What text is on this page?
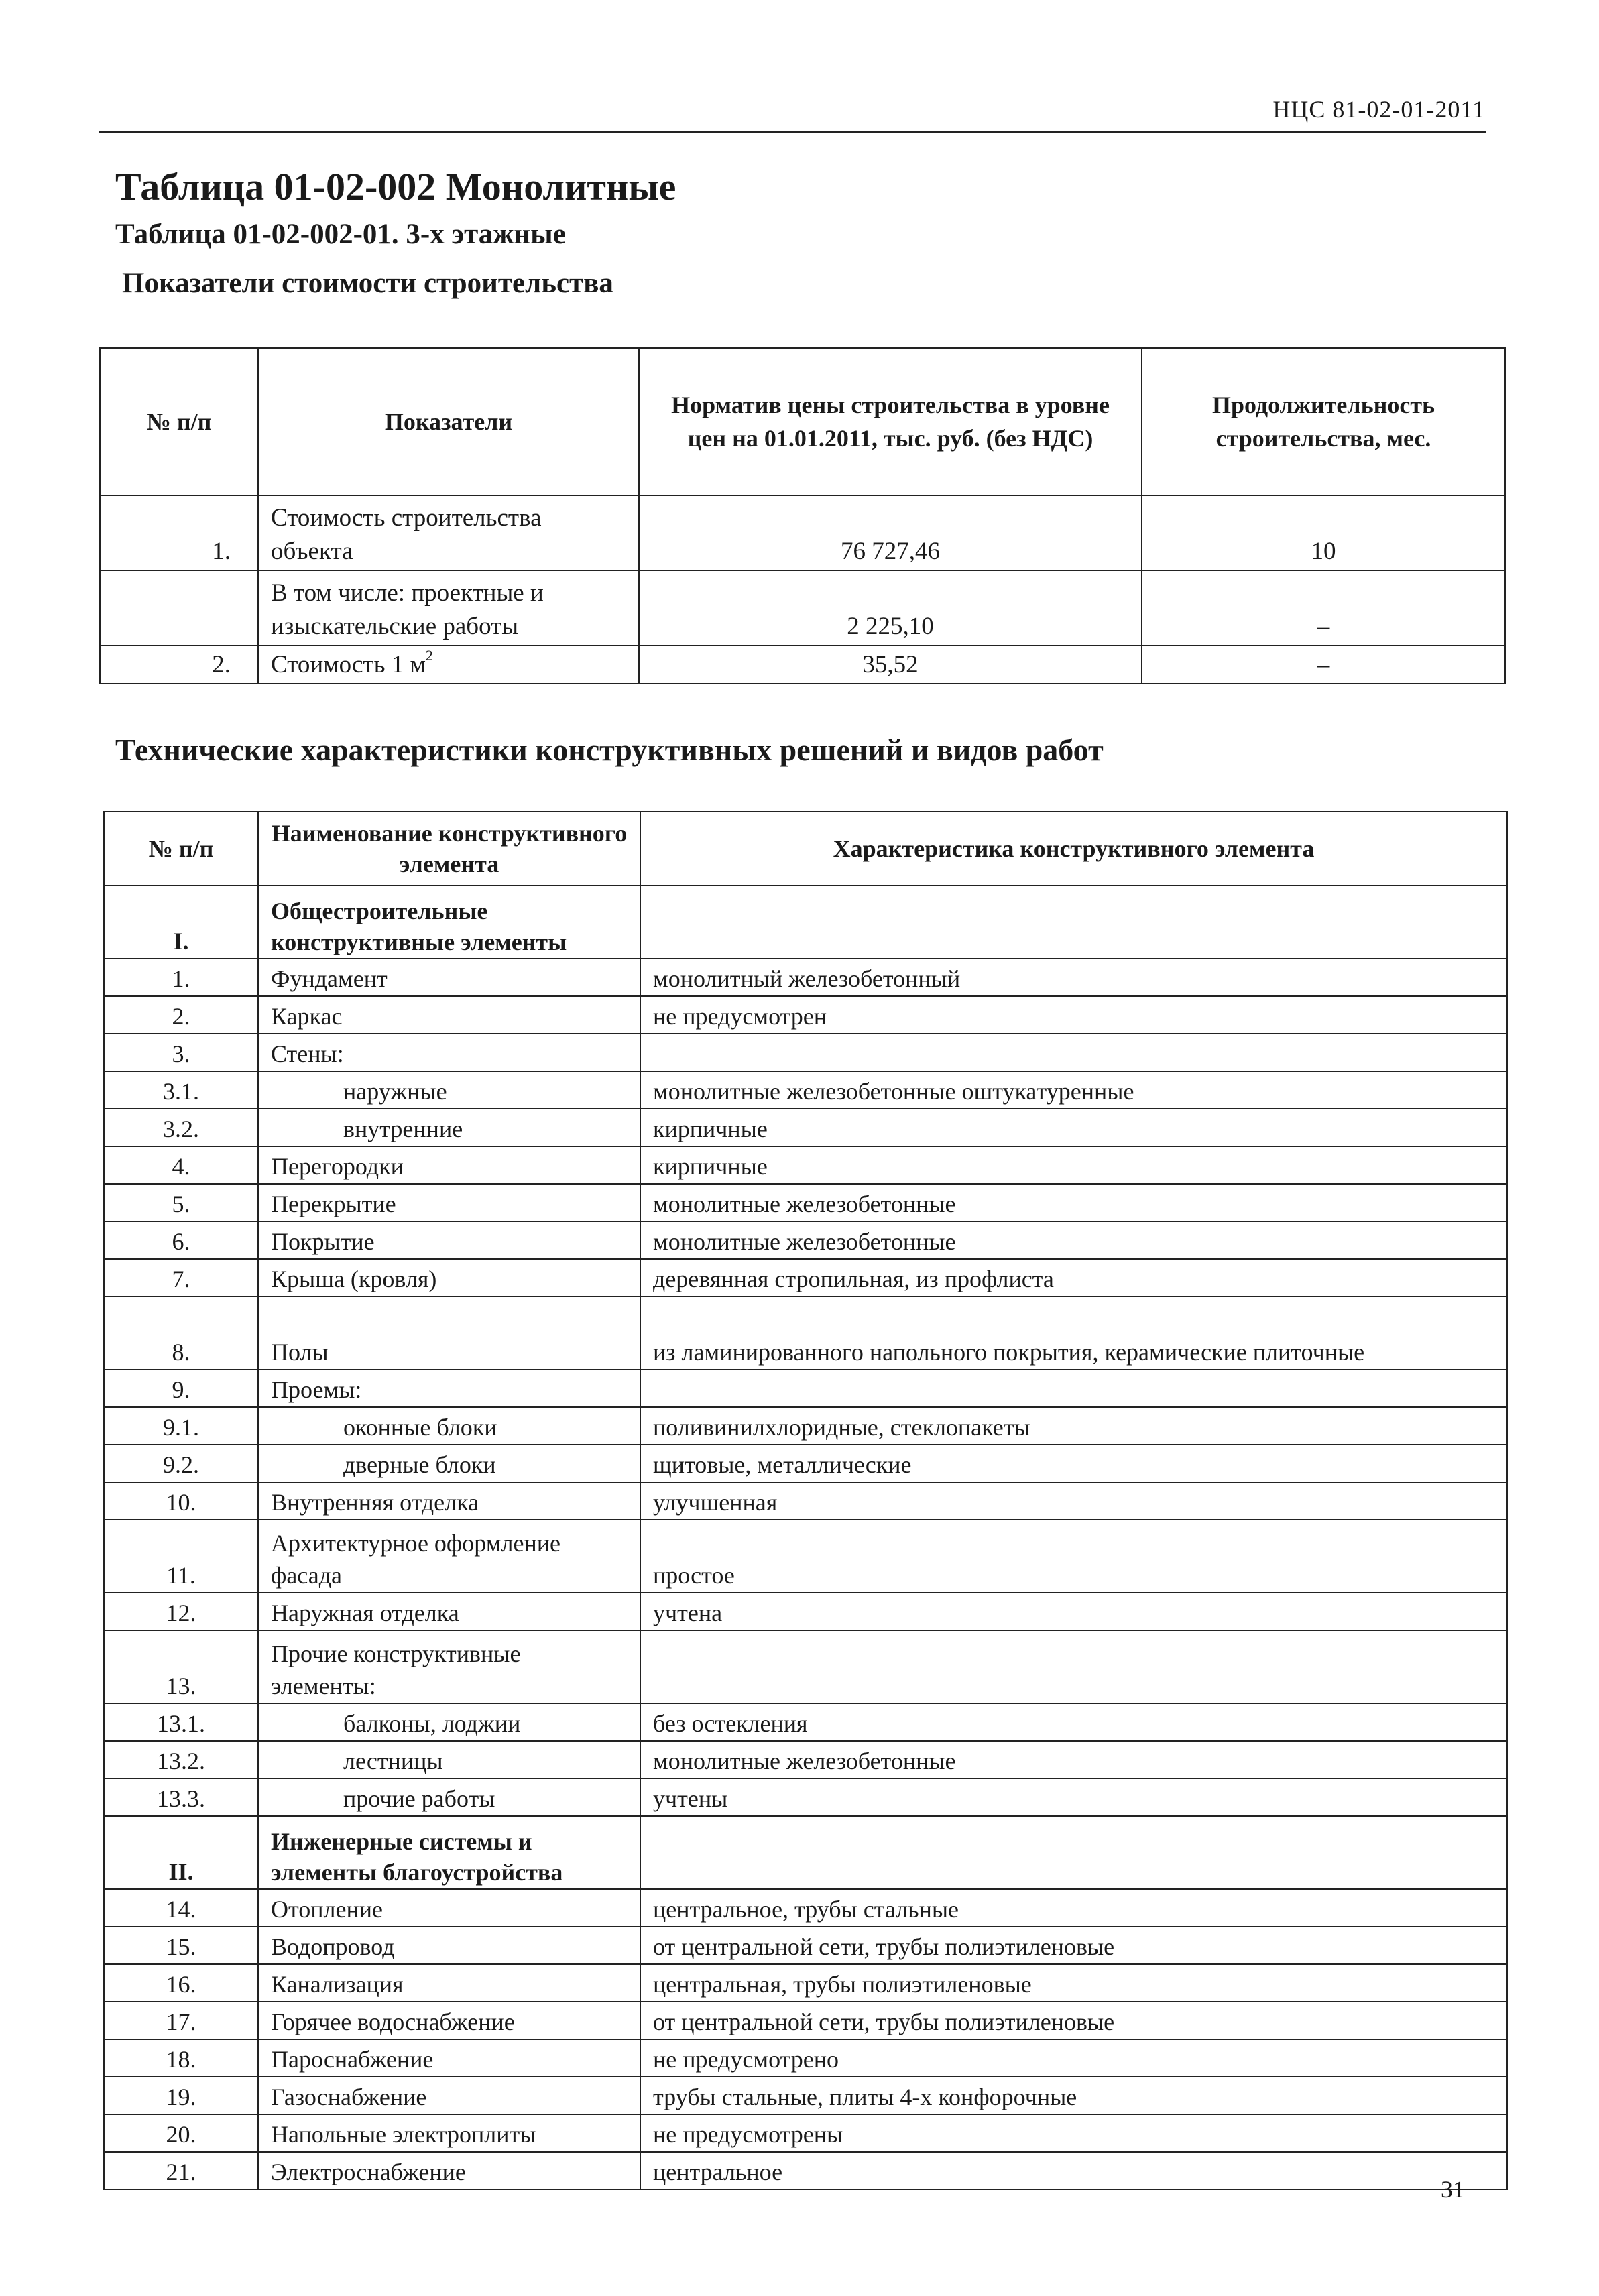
НЦС 81-02-01-2011
Таблица 01-02-002 Монолитные
Таблица 01-02-002-01. 3-х этажные
Показатели стоимости строительства
№ п/п	Показатели	Норматив цены строительства в уровне цен на 01.01.2011, тыс. руб. (без НДС)	Продолжительность строительства, мес.
1.	Стоимость строительства объекта	76 727,46	10
	В том числе: проектные и изыскательские работы	2 225,10	–
2.	Стоимость 1 $м^2$	35,52	–
Технические характеристики конструктивных решений и видов работ
№ п/п	Наименование конструктивного элемента	Характеристика конструктивного элемента
I.	Общестроительные конструктивные элементы	
1.	Фундамент	монолитный железобетонный
2.	Каркас	не предусмотрен
3.	Стены:	
3.1.	наружные	монолитные железобетонные оштукатуренные
3.2.	внутренние	кирпичные
4.	Перегородки	кирпичные
5.	Перекрытие	монолитные железобетонные
6.	Покрытие	монолитные железобетонные
7.	Крыша (кровля)	деревянная стропильная, из профлиста
8.	Полы	из ламинированного напольного покрытия, керамические плиточные
9.	Проемы:	
9.1.	оконные блоки	поливинилхлоридные, стеклопакеты
9.2.	дверные блоки	щитовые, металлические
10.	Внутренняя отделка	улучшенная
11.	Архитектурное оформление фасада	простое
12.	Наружная отделка	учтена
13.	Прочие конструктивные элементы:	
13.1.	балконы, лоджии	без остекления
13.2.	лестницы	монолитные железобетонные
13.3.	прочие работы	учтены
II.	Инженерные системы и элементы благоустройства	
14.	Отопление	центральное, трубы стальные
15.	Водопровод	от центральной сети, трубы полиэтиленовые
16.	Канализация	центральная, трубы полиэтиленовые
17.	Горячее водоснабжение	от центральной сети, трубы полиэтиленовые
18.	Пароснабжение	не предусмотрено
19.	Газоснабжение	трубы стальные, плиты 4-х конфорочные
20.	Напольные электроплиты	не предусмотрены
21.	Электроснабжение	центральное
31
